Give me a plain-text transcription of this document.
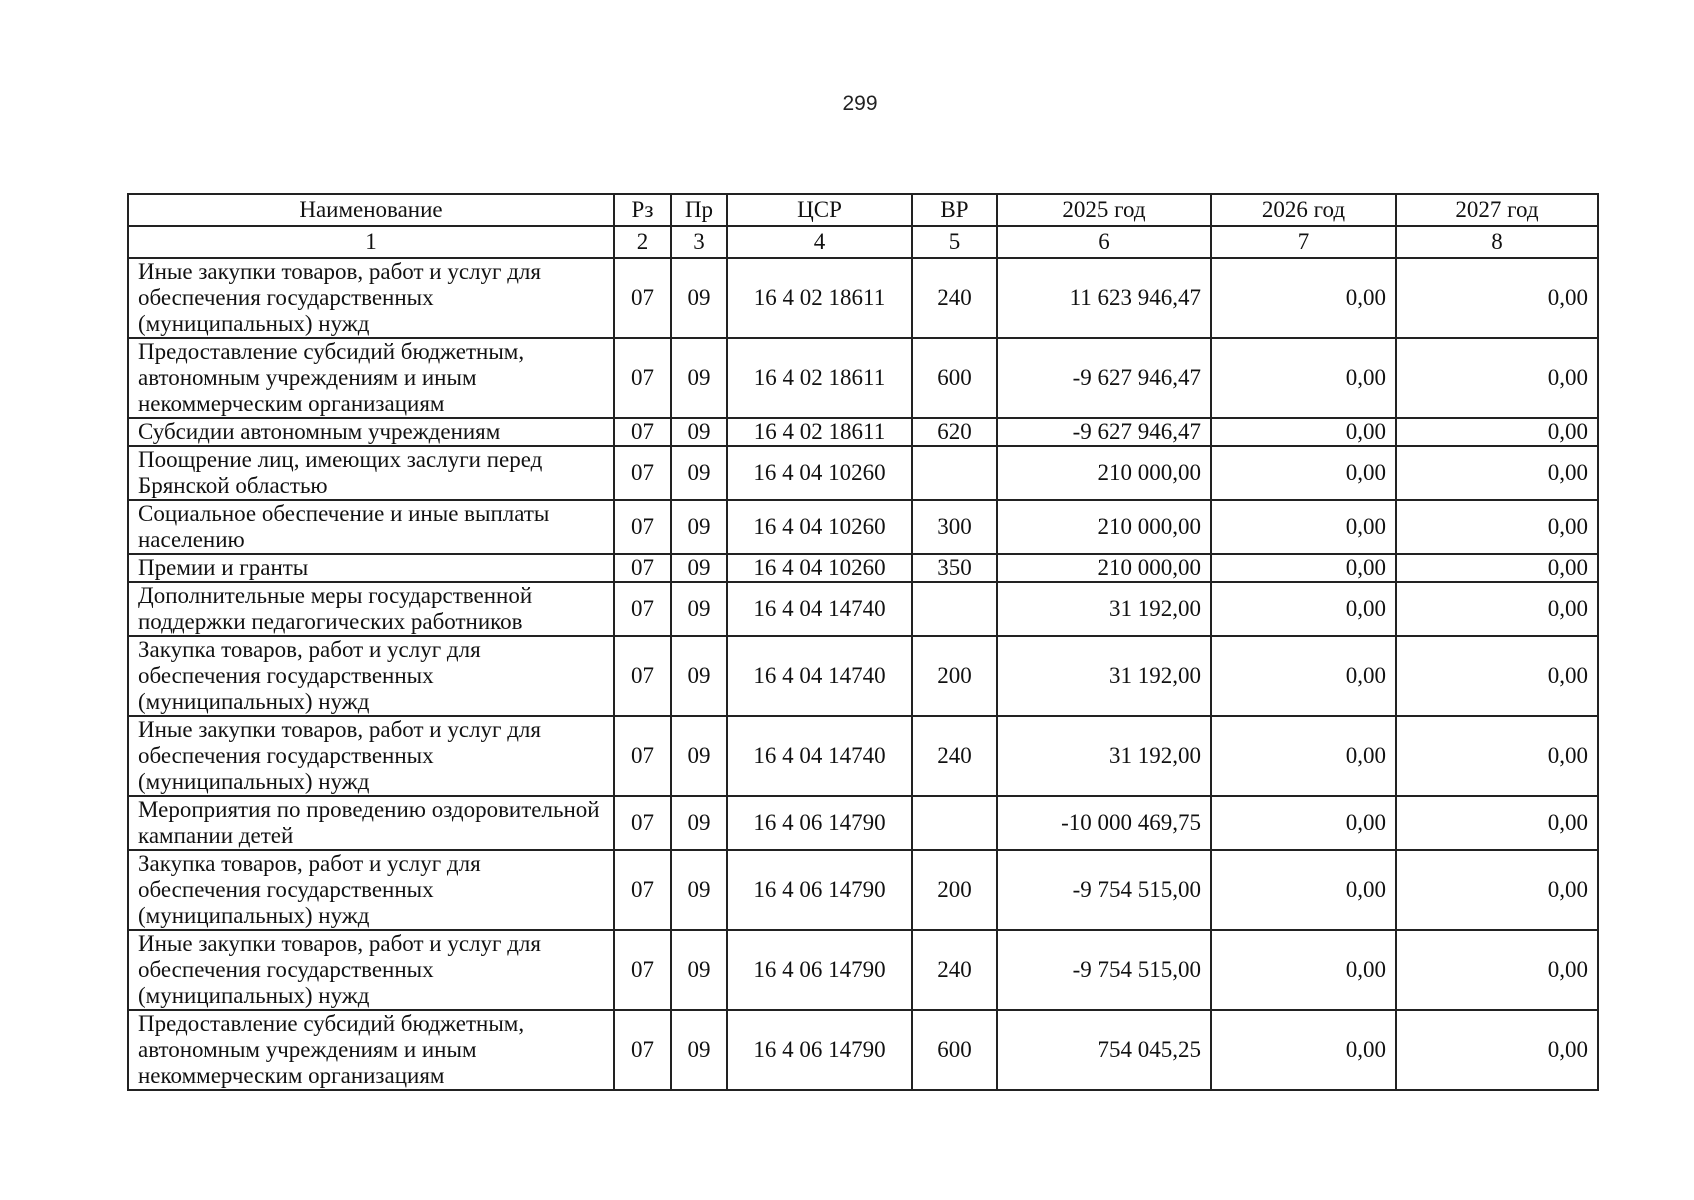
299
Наименование	Рз	Пр	ЦСР	ВР	2025 год	2026 год	2027 год
1	2	3	4	5	6	7	8
Иные закупки товаров, работ и услуг для обеспечения государственных (муниципальных) нужд	07	09	16 4 02 18611	240	11 623 946,47	0,00	0,00
Предоставление субсидий бюджетным, автономным учреждениям и иным некоммерческим организациям	07	09	16 4 02 18611	600	-9 627 946,47	0,00	0,00
Субсидии автономным учреждениям	07	09	16 4 02 18611	620	-9 627 946,47	0,00	0,00
Поощрение лиц, имеющих заслуги перед Брянской областью	07	09	16 4 04 10260		210 000,00	0,00	0,00
Социальное обеспечение и иные выплаты населению	07	09	16 4 04 10260	300	210 000,00	0,00	0,00
Премии и гранты	07	09	16 4 04 10260	350	210 000,00	0,00	0,00
Дополнительные меры государственной поддержки педагогических работников	07	09	16 4 04 14740		31 192,00	0,00	0,00
Закупка товаров, работ и услуг для обеспечения государственных (муниципальных) нужд	07	09	16 4 04 14740	200	31 192,00	0,00	0,00
Иные закупки товаров, работ и услуг для обеспечения государственных (муниципальных) нужд	07	09	16 4 04 14740	240	31 192,00	0,00	0,00
Мероприятия по проведению оздоровительной кампании детей	07	09	16 4 06 14790		-10 000 469,75	0,00	0,00
Закупка товаров, работ и услуг для обеспечения государственных (муниципальных) нужд	07	09	16 4 06 14790	200	-9 754 515,00	0,00	0,00
Иные закупки товаров, работ и услуг для обеспечения государственных (муниципальных) нужд	07	09	16 4 06 14790	240	-9 754 515,00	0,00	0,00
Предоставление субсидий бюджетным, автономным учреждениям и иным некоммерческим организациям	07	09	16 4 06 14790	600	754 045,25	0,00	0,00
